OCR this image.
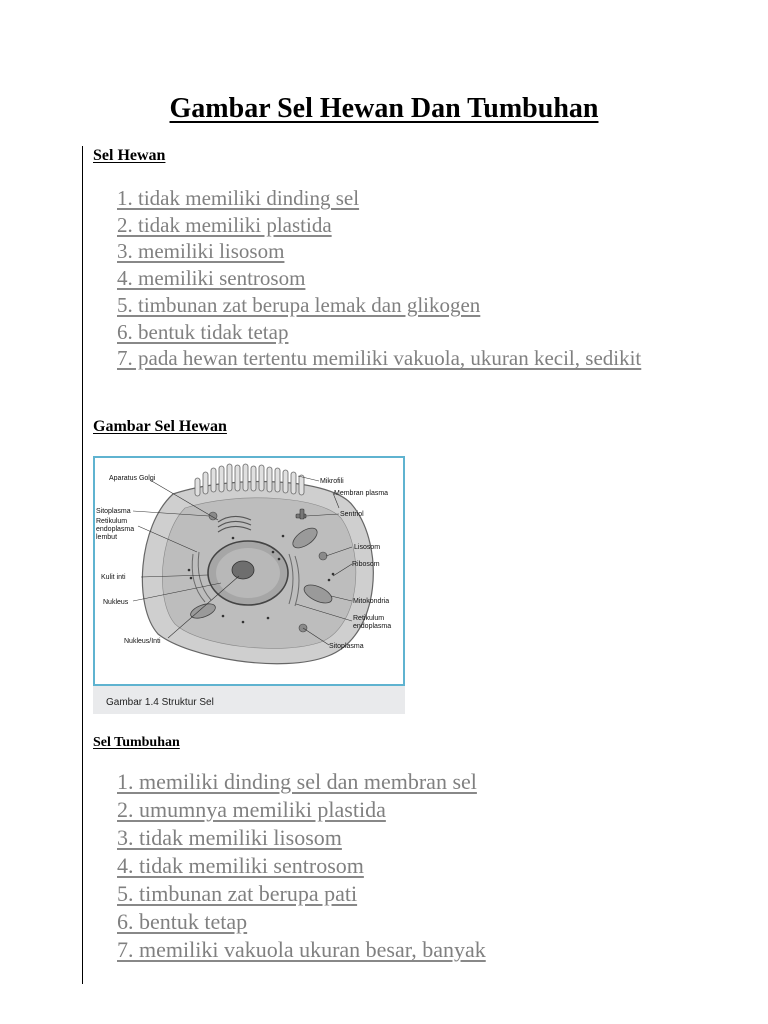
Gambar Sel Hewan Dan Tumbuhan
Sel Hewan
1. tidak memiliki dinding sel
2. tidak memiliki plastida
3. memiliki lisosom
4. memiliki sentrosom
5. timbunan zat berupa lemak dan glikogen
6. bentuk tidak tetap
7. pada hewan tertentu memiliki vakuola, ukuran kecil, sedikit
Gambar Sel Hewan
Gambar 1.4 Struktur Sel
Aparatus Golgi
Sitoplasma
Retikulum endoplasma lembut
Kulit inti
Nukleus
Nukleus/Inti
Mikrofili
Membran plasma
Sentriol
Lisosom
Ribosom
Mitokondria
Retikulum endoplasma
Sitoplasma
Sel Tumbuhan
1. memiliki dinding sel dan membran sel
2. umumnya memiliki plastida
3. tidak memiliki lisosom
4. tidak memiliki sentrosom
5. timbunan zat berupa pati
6. bentuk tetap
7. memiliki vakuola ukuran besar, banyak
